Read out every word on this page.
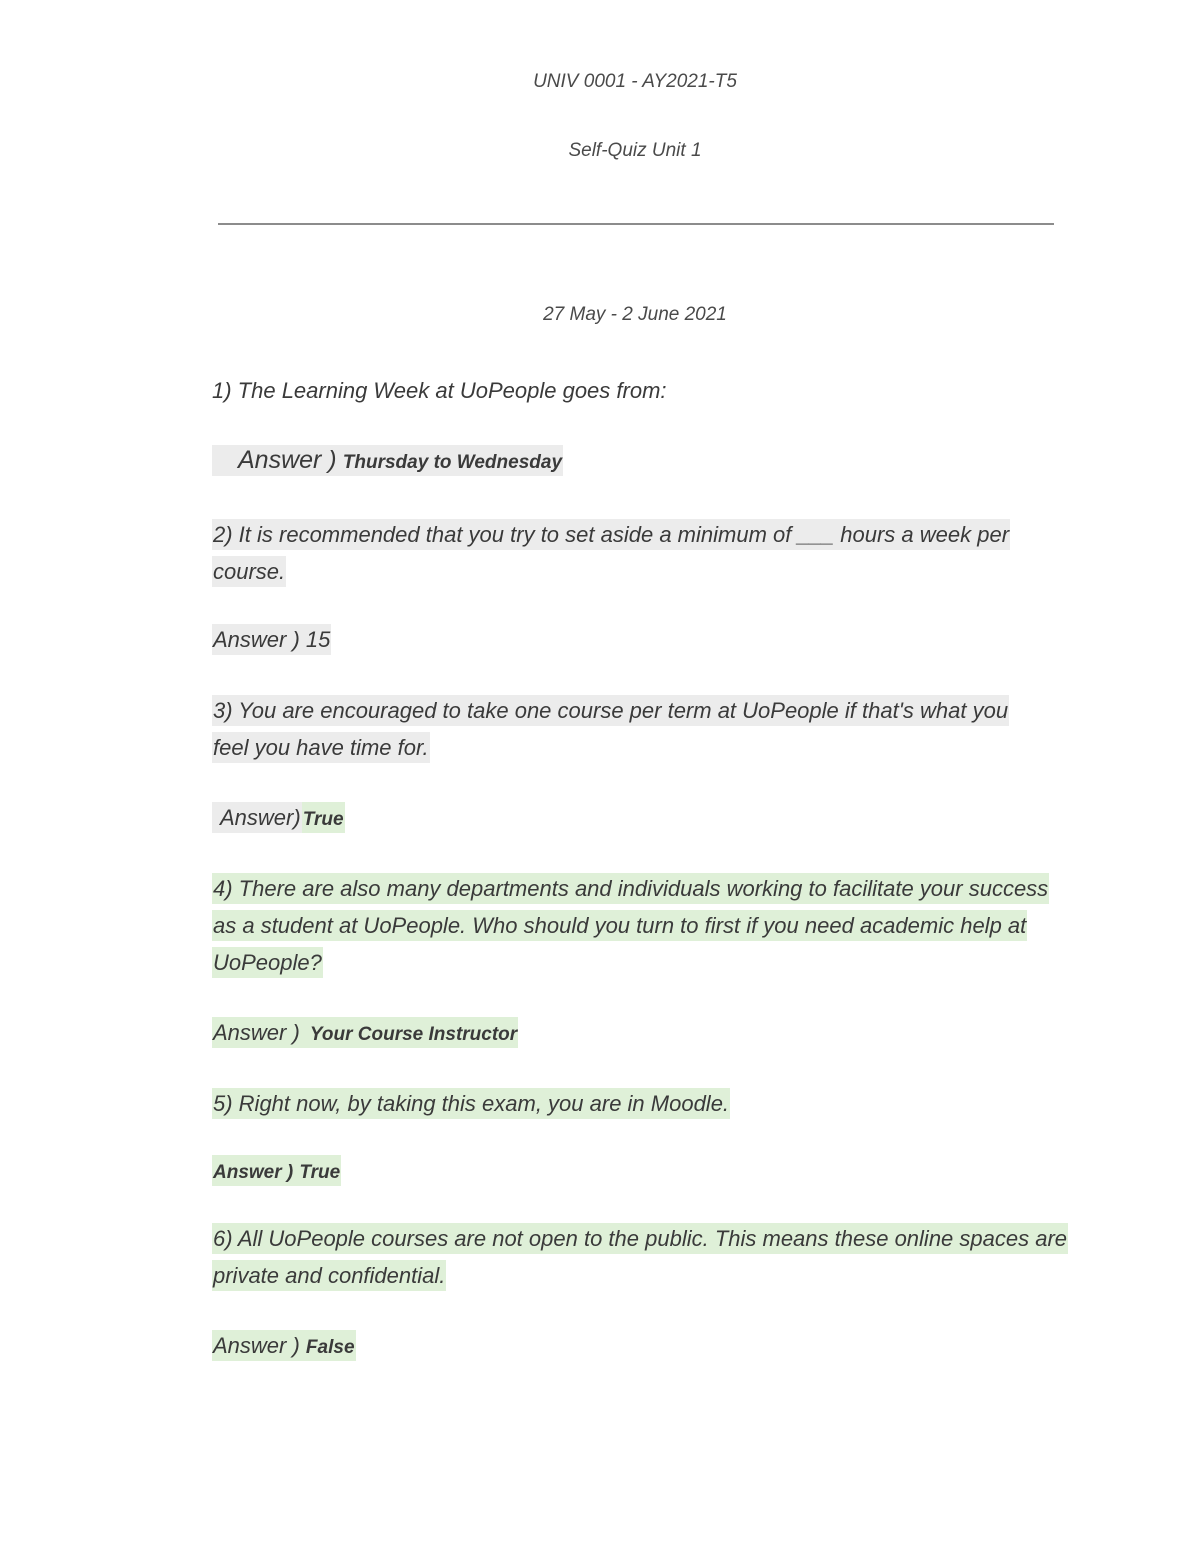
UNIV 0001 - AY2021-T5
Self-Quiz Unit 1
27 May - 2 June 2021
1) The Learning Week at UoPeople goes from:
Answer ) Thursday to Wednesday
2) It is recommended that you try to set aside a minimum of ___ hours a week per course.
Answer ) 15
3) You are encouraged to take one course per term at UoPeople if that's what you feel you have time for.
Answer) True
4) There are also many departments and individuals working to facilitate your success as a student at UoPeople. Who should you turn to first if you need academic help at UoPeople?
Answer ) Your Course Instructor
5) Right now, by taking this exam, you are in Moodle.
Answer ) True
6) All UoPeople courses are not open to the public. This means these online spaces are private and confidential.
Answer ) False
